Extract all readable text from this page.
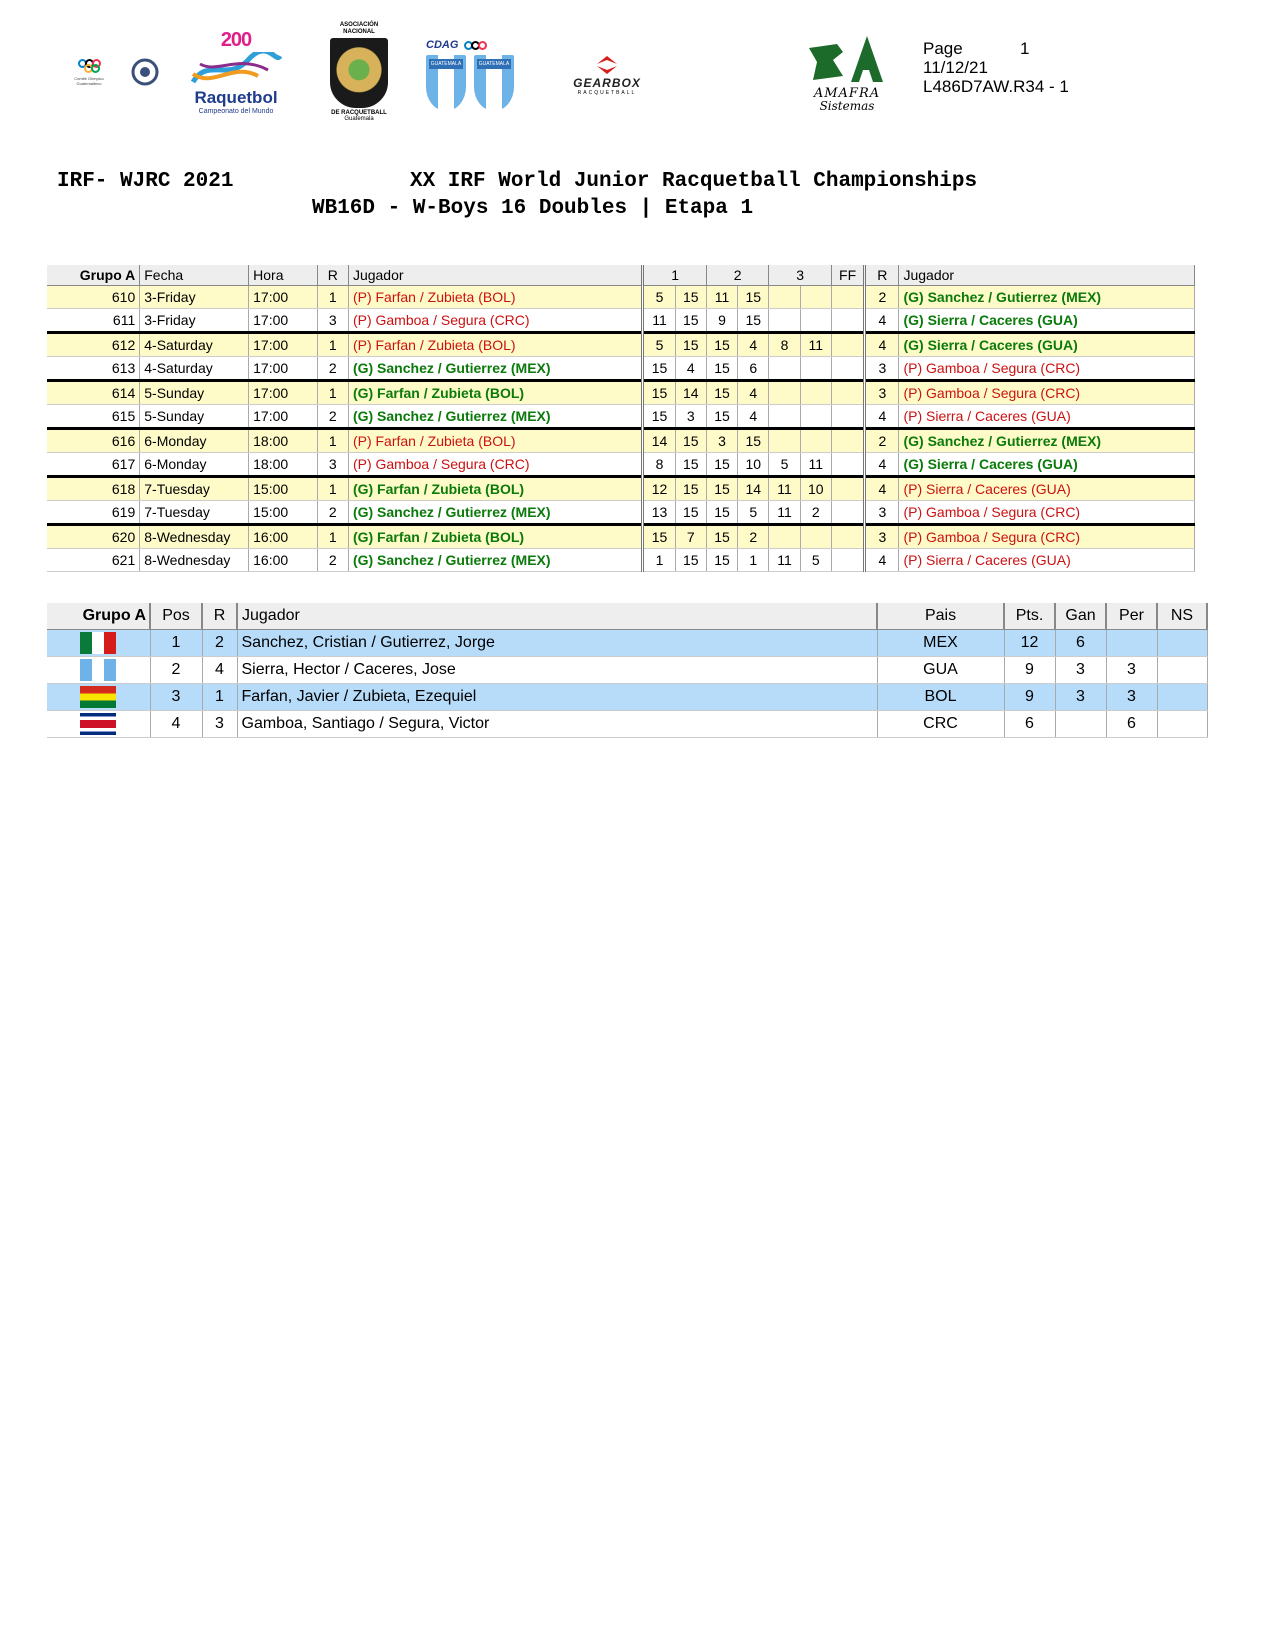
Comité Olímpico Guatemalteco
200
Raquetbol
Campeonato del Mundo
ASOCIACIÓN NACIONAL
DE RACQUETBALL
Guatemala
CDAG
GUATEMALA	GUATEMALA
GEARBOX
RACQUETBALL	AMAFRA
Sistemas
Page	1
11/12/21
L486D7AW.R34 - 1
IRF- WJRC 2021	XX IRF World Junior Racquetball Championships
WB16D - W-Boys 16 Doubles | Etapa 1
Grupo A	Fecha	Hora	R	Jugador	1		2		3		FF	R	Jugador
610	3-Friday	17:00	1	(P) Farfan / Zubieta (BOL)	5	15	11	15				2	(G) Sanchez / Gutierrez (MEX)
611	3-Friday	17:00	3	(P) Gamboa / Segura (CRC)	11	15	9	15				4	(G) Sierra / Caceres (GUA)
612	4-Saturday	17:00	1	(P) Farfan / Zubieta (BOL)	5	15	15	4	8	11		4	(G) Sierra / Caceres (GUA)
613	4-Saturday	17:00	2	(G) Sanchez / Gutierrez (MEX)	15	4	15	6				3	(P) Gamboa / Segura (CRC)
614	5-Sunday	17:00	1	(G) Farfan / Zubieta (BOL)	15	14	15	4				3	(P) Gamboa / Segura (CRC)
615	5-Sunday	17:00	2	(G) Sanchez / Gutierrez (MEX)	15	3	15	4				4	(P) Sierra / Caceres (GUA)
616	6-Monday	18:00	1	(P) Farfan / Zubieta (BOL)	14	15	3	15				2	(G) Sanchez / Gutierrez (MEX)
617	6-Monday	18:00	3	(P) Gamboa / Segura (CRC)	8	15	15	10	5	11		4	(G) Sierra / Caceres (GUA)
618	7-Tuesday	15:00	1	(G) Farfan / Zubieta (BOL)	12	15	15	14	11	10		4	(P) Sierra / Caceres (GUA)
619	7-Tuesday	15:00	2	(G) Sanchez / Gutierrez (MEX)	13	15	15	5	11	2		3	(P) Gamboa / Segura (CRC)
620	8-Wednesday	16:00	1	(G) Farfan / Zubieta (BOL)	15	7	15	2				3	(P) Gamboa / Segura (CRC)
621	8-Wednesday	16:00	2	(G) Sanchez / Gutierrez (MEX)	1	15	15	1	11	5		4	(P) Sierra / Caceres (GUA)
Grupo A	Pos	R	Jugador	Pais	Pts.	Gan	Per	NS
	1	2	Sanchez, Cristian / Gutierrez, Jorge	MEX	12	6		
	2	4	Sierra, Hector / Caceres, Jose	GUA	9	3	3	
	3	1	Farfan, Javier / Zubieta, Ezequiel	BOL	9	3	3	
	4	3	Gamboa, Santiago / Segura, Victor	CRC	6		6	
